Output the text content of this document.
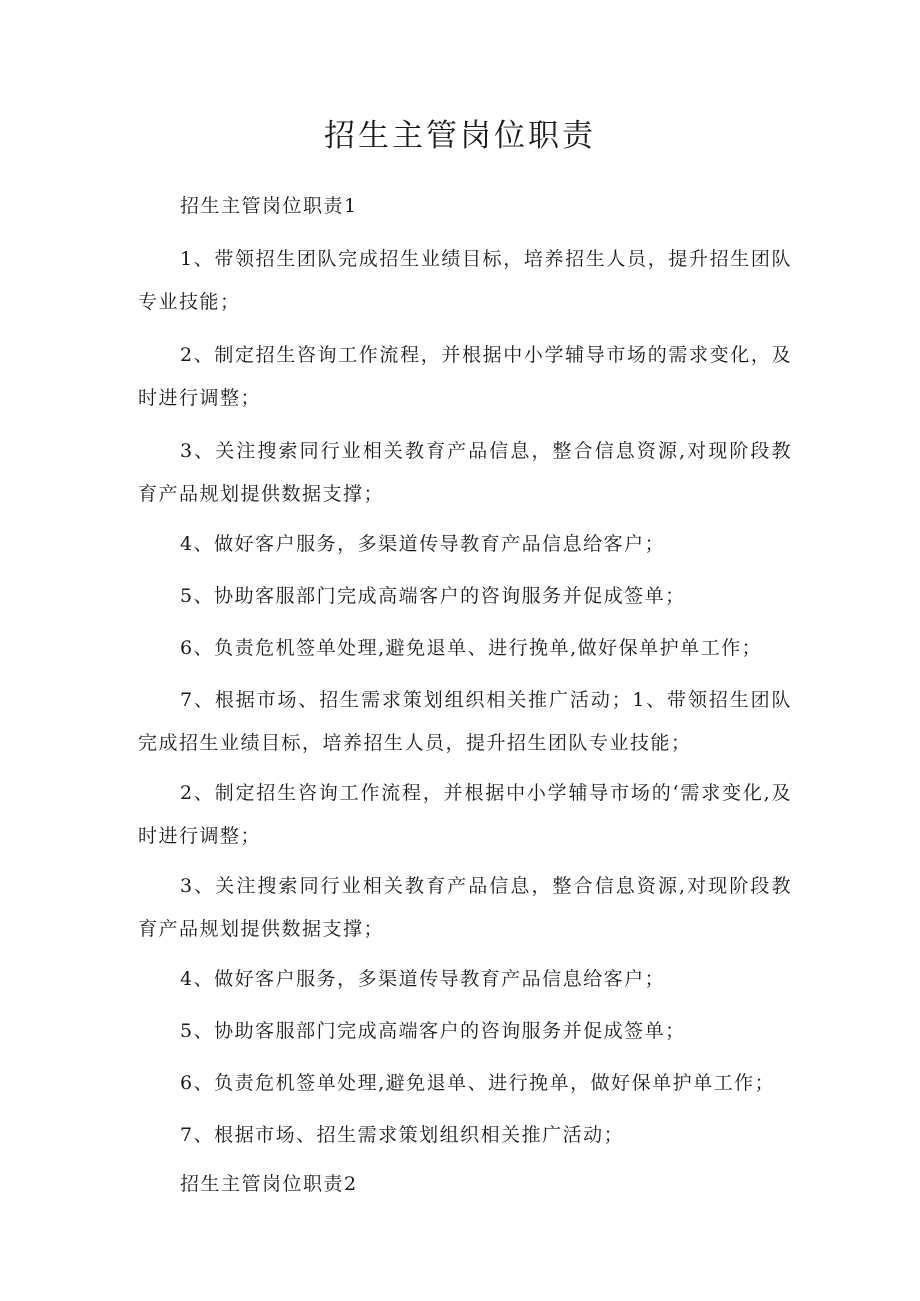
招生主管岗位职责

招生主管岗位职责1

1、带领招生团队完成招生业绩目标，培养招生人员，提升招生团队专业技能；

2、制定招生咨询工作流程，并根据中小学辅导市场的需求变化，及时进行调整；

3、关注搜索同行业相关教育产品信息，整合信息资源,对现阶段教育产品规划提供数据支撑；

4、做好客户服务，多渠道传导教育产品信息给客户；

5、协助客服部门完成高端客户的咨询服务并促成签单；

6、负责危机签单处理,避免退单、进行挽单,做好保单护单工作；

7、根据市场、招生需求策划组织相关推广活动；1、带领招生团队完成招生业绩目标，培养招生人员，提升招生团队专业技能；

2、制定招生咨询工作流程，并根据中小学辅导市场的‘需求变化,及时进行调整；

3、关注搜索同行业相关教育产品信息，整合信息资源,对现阶段教育产品规划提供数据支撑；

4、做好客户服务，多渠道传导教育产品信息给客户；

5、协助客服部门完成高端客户的咨询服务并促成签单；

6、负责危机签单处理,避免退单、进行挽单，做好保单护单工作；

7、根据市场、招生需求策划组织相关推广活动；

招生主管岗位职责2
